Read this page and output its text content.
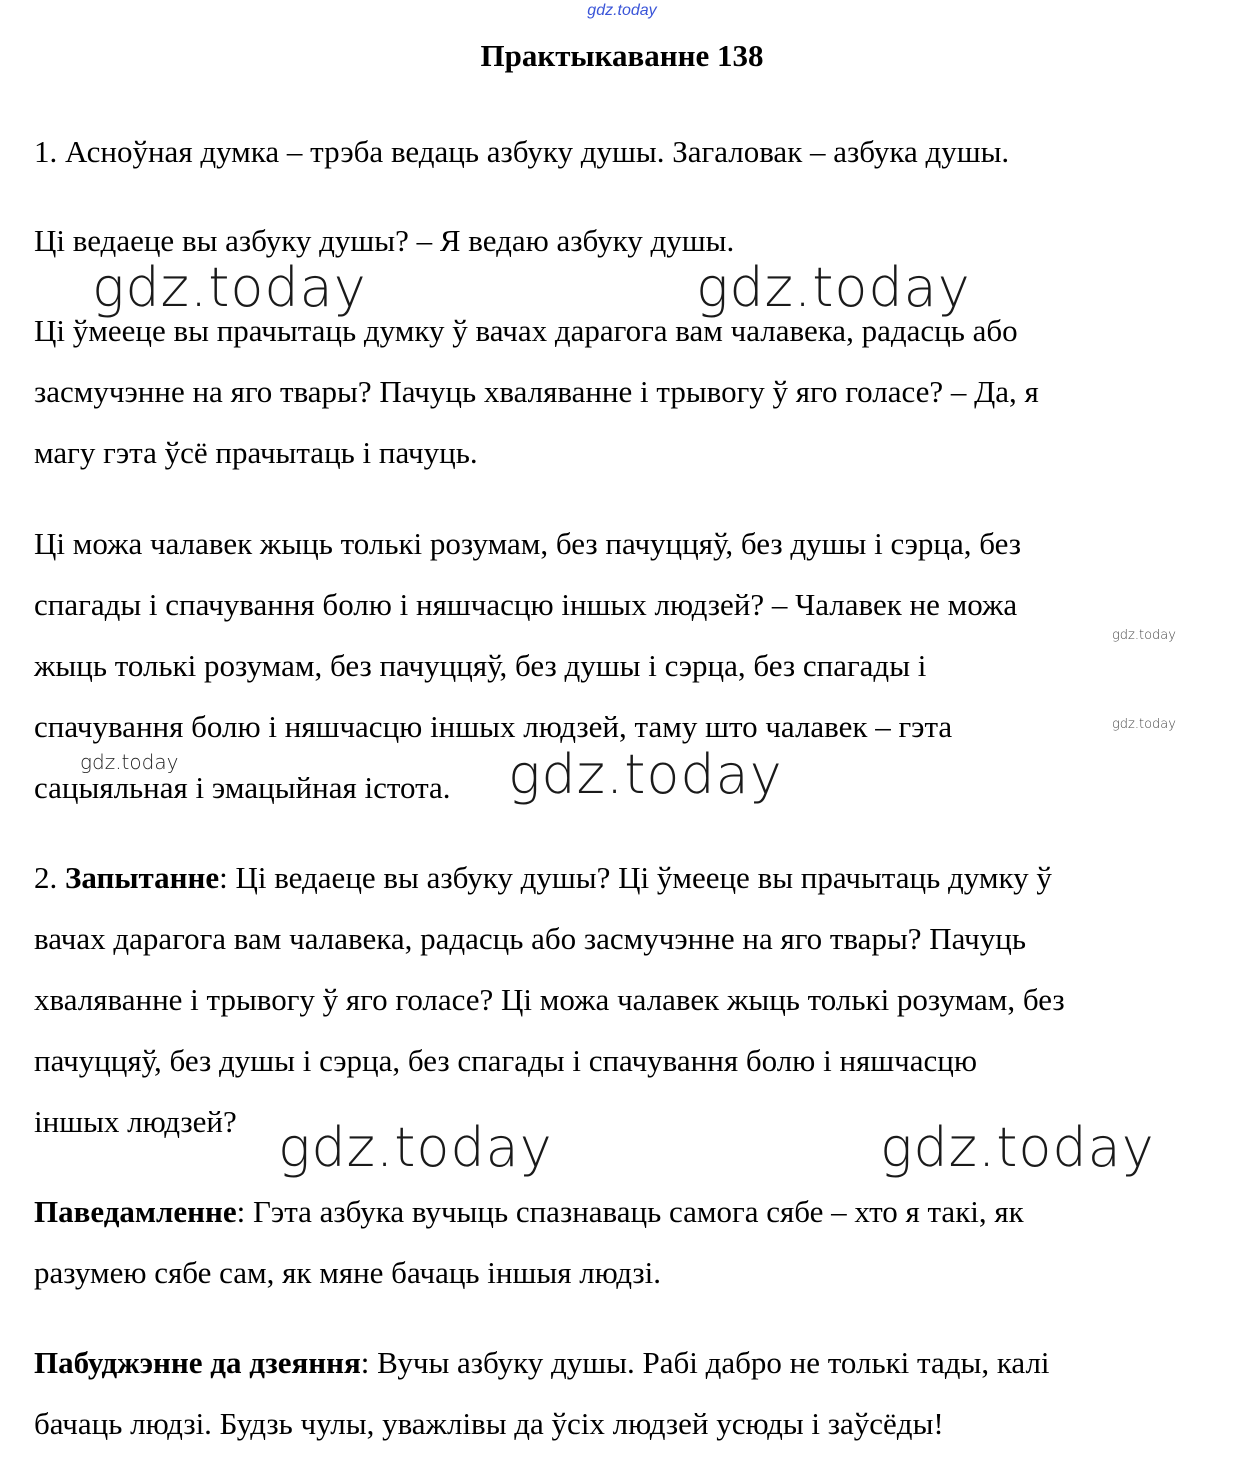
gdz.today
Практыкаванне 138
1. Асноўная думка – трэба ведаць азбуку душы. Загаловак – азбука душы.
Ці ведаеце вы азбуку душы? – Я ведаю азбуку душы.
Ці ўмееце вы прачытаць думку ў вачах дарагога вам чалавека, радасць або
засмучэнне на яго твары? Пачуць хваляванне і трывогу ў яго голасе? – Да, я
магу гэта ўсё прачытаць і пачуць.
Ці можа чалавек жыць толькі розумам, без пачуццяў, без душы і сэрца, без
спагады і спачування болю і няшчасцю іншых людзей? – Чалавек не можа
жыць толькі розумам, без пачуццяў, без душы і сэрца, без спагады і
спачування болю і няшчасцю іншых людзей, таму што чалавек – гэта
сацыяльная і эмацыйная істота.
2. Запытанне: Ці ведаеце вы азбуку душы? Ці ўмееце вы прачытаць думку ў
вачах дарагога вам чалавека, радасць або засмучэнне на яго твары? Пачуць
хваляванне і трывогу ў яго голасе? Ці можа чалавек жыць толькі розумам, без
пачуццяў, без душы і сэрца, без спагады і спачування болю і няшчасцю
іншых людзей?
Паведамленне: Гэта азбука вучыць спазнаваць самога сябе – хто я такі, як
разумею сябе сам, як мяне бачаць іншыя людзі.
Пабуджэнне да дзеяння: Вучы азбуку душы. Рабі дабро не толькі тады, калі
бачаць людзі. Будзь чулы, уважлівы да ўсіх людзей усюды і заўсёды!
gdz.today	gdz.today
gdz.today
gdz.today
gdz.today	gdz.today
gdz.today	gdz.today
